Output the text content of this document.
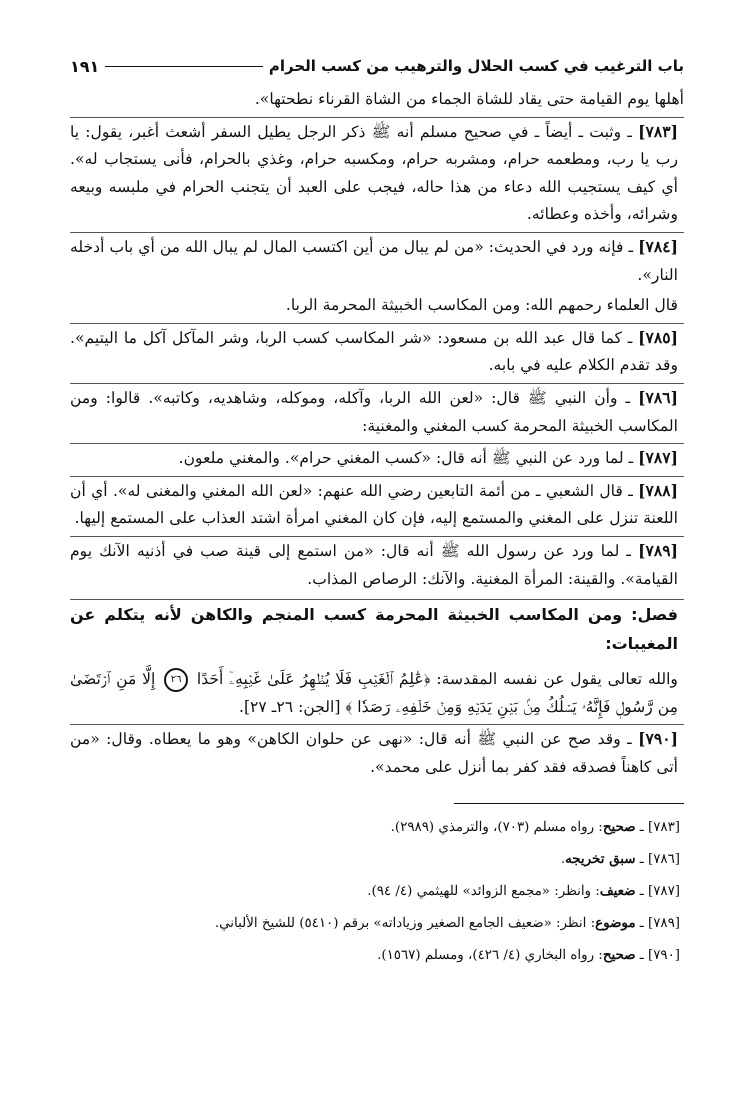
باب الترغيب في كسب الحلال والترهيب من كسب الحرام
١٩١

أهلها يوم القيامة حتى يقاد للشاة الجماء من الشاة القرناء نطحتها».

[٧٨٣] ـ وثبت ـ أيضاً ـ في صحيح مسلم أنه ﷺ ذكر الرجل يطيل السفر أشعث أغبر، يقول: يا رب يا رب، ومطعمه حرام، ومشربه حرام، ومكسبه حرام، وغذي بالحرام، فأنى يستجاب له». أي كيف يستجيب الله دعاء من هذا حاله، فيجب على العبد أن يتجنب الحرام في ملبسه وبيعه وشرائه، وأخذه وعطائه.

[٧٨٤] ـ فإنه ورد في الحديث: «من لم يبال من أين اكتسب المال لم يبال الله من أي باب أدخله النار».

قال العلماء رحمهم الله: ومن المكاسب الخبيثة المحرمة الربا.

[٧٨٥] ـ كما قال عبد الله بن مسعود: «شر المكاسب كسب الربا، وشر المآكل آكل ما اليتيم». وقد تقدم الكلام عليه في بابه.

[٧٨٦] ـ وأن النبي ﷺ قال: «لعن الله الربا، وآكله، وموكله، وشاهديه، وكاتبه». قالوا: ومن المكاسب الخبيثة المحرمة كسب المغني والمغنية:

[٧٨٧] ـ لما ورد عن النبي ﷺ أنه قال: «كسب المغني حرام». والمغني ملعون.

[٧٨٨] ـ قال الشعبي ـ من أئمة التابعين رضي الله عنهم: «لعن الله المغني والمغنى له». أي أن اللعنة تنزل على المغني والمستمع إليه، فإن كان المغني امرأة اشتد العذاب على المستمع إليها.

[٧٨٩] ـ لما ورد عن رسول الله ﷺ أنه قال: «من استمع إلى قينة صب في أذنيه الآنك يوم القيامة». والقينة: المرأة المغنية. والآنك: الرصاص المذاب.

فصل: ومن المكاسب الخبيثة المحرمة كسب المنجم والكاهن لأنه يتكلم عن المغيبات:

والله تعالى يقول عن نفسه المقدسة: ﴿عَٰلِمُ ٱلۡغَيۡبِ فَلَا يُظۡهِرُ عَلَىٰ غَيۡبِهِۦٓ أَحَدًا ٢٦ إِلَّا مَنِ ٱرۡتَضَىٰ مِن رَّسُولٖ فَإِنَّهُۥ يَسۡلُكُ مِنۢ بَيۡنِ يَدَيۡهِ وَمِنۡ خَلۡفِهِۦ رَصَدٗا ﴾ [الجن: ٢٦ـ ٢٧].

[٧٩٠] ـ وقد صح عن النبي ﷺ أنه قال: «نهى عن حلوان الكاهن» وهو ما يعطاه. وقال: «من أتى كاهناً فصدقه فقد كفر بما أنزل على محمد».

[٧٨٣] ـ صحيح: رواه مسلم (٧٠٣)، والترمذي (٢٩٨٩).

[٧٨٦] ـ سبق تخريجه.

[٧٨٧] ـ ضعيف: وانظر: «مجمع الزوائد» للهيثمي (٤/ ٩٤).

[٧٨٩] ـ موضوع: انظر: «ضعيف الجامع الصغير وزياداته» برقم (٥٤١٠) للشيخ الألباني.

[٧٩٠] ـ صحيح: رواه البخاري (٤/ ٤٢٦)، ومسلم (١٥٦٧).
